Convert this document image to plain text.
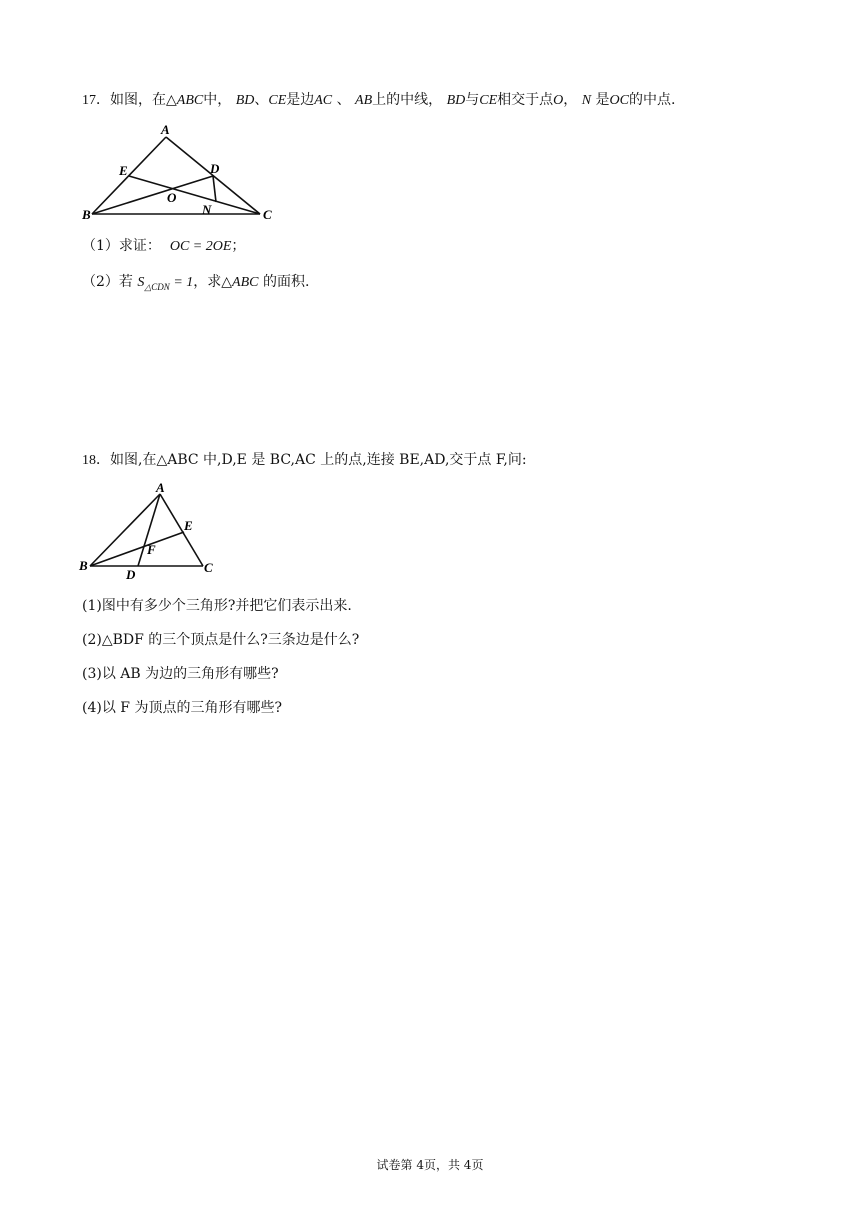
17．如图，在△ABC中， BD、CE是边AC 、 AB上的中线， BD与CE相交于点O， N 是OC的中点.
A
B	C
D
E
O
N
（1）求证： OC = 2OE；
（2）若 $S_{\triangle CDN} = 1$，求△ABC 的面积.
18．如图,在△ABC 中,D,E 是 BC,AC 上的点,连接 BE,AD,交于点 F,问:
A
B	C
D
E
F
(1)图中有多少个三角形?并把它们表示出来.
(2)△BDF 的三个顶点是什么?三条边是什么?
(3)以 AB 为边的三角形有哪些?
(4)以 F 为顶点的三角形有哪些?
试卷第 4页，共 4页
